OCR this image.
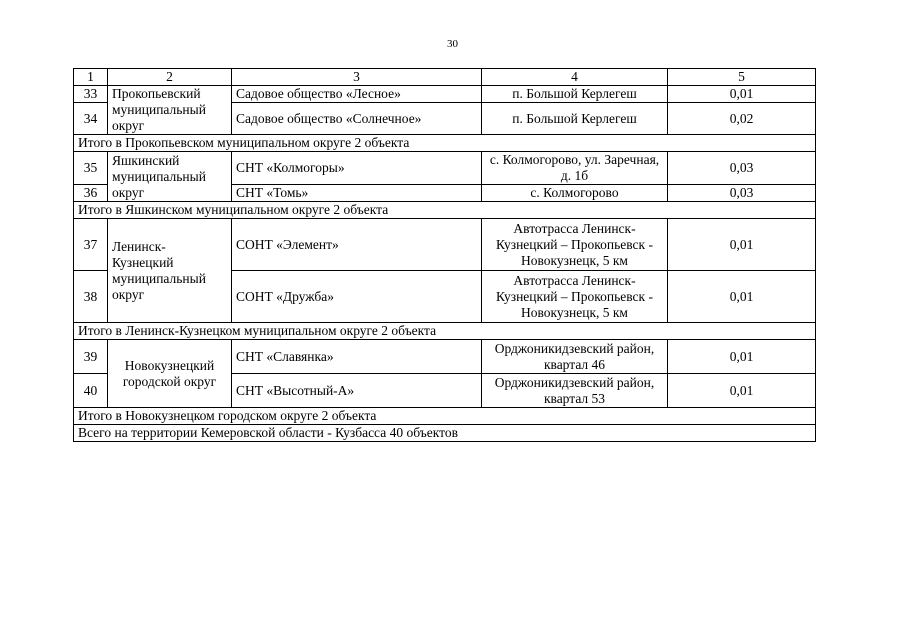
30
1	2	3	4	5
33	Прокопьевский муниципальный округ	Садовое общество «Лесное»	п. Большой Керлегеш	0,01
34		Садовое общество «Солнечное»	п. Большой Керлегеш	0,02
Итого в Прокопьевском муниципальном округе 2 объекта				
35	Яшкинский муниципальный округ	СНТ «Колмогоры»	с. Колмогорово, ул. Заречная, д. 1б	0,03
36		СНТ «Томь»	с. Колмогорово	0,03
Итого в Яшкинском муниципальном округе 2 объекта				
37	Ленинск-Кузнецкий муниципальный округ	СОНТ «Элемент»	Автотрасса Ленинск-Кузнецкий – Прокопьевск - Новокузнецк, 5 км	0,01
38		СОНТ «Дружба»	Автотрасса Ленинск-Кузнецкий – Прокопьевск - Новокузнецк, 5 км	0,01
Итого в Ленинск-Кузнецком муниципальном округе 2 объекта				
39	Новокузнецкий городской округ	СНТ «Славянка»	Орджоникидзевский район, квартал 46	0,01
40		СНТ «Высотный-А»	Орджоникидзевский район, квартал 53	0,01
Итого в Новокузнецком городском округе 2 объекта				
Всего на территории Кемеровской области - Кузбасса 40 объектов				
